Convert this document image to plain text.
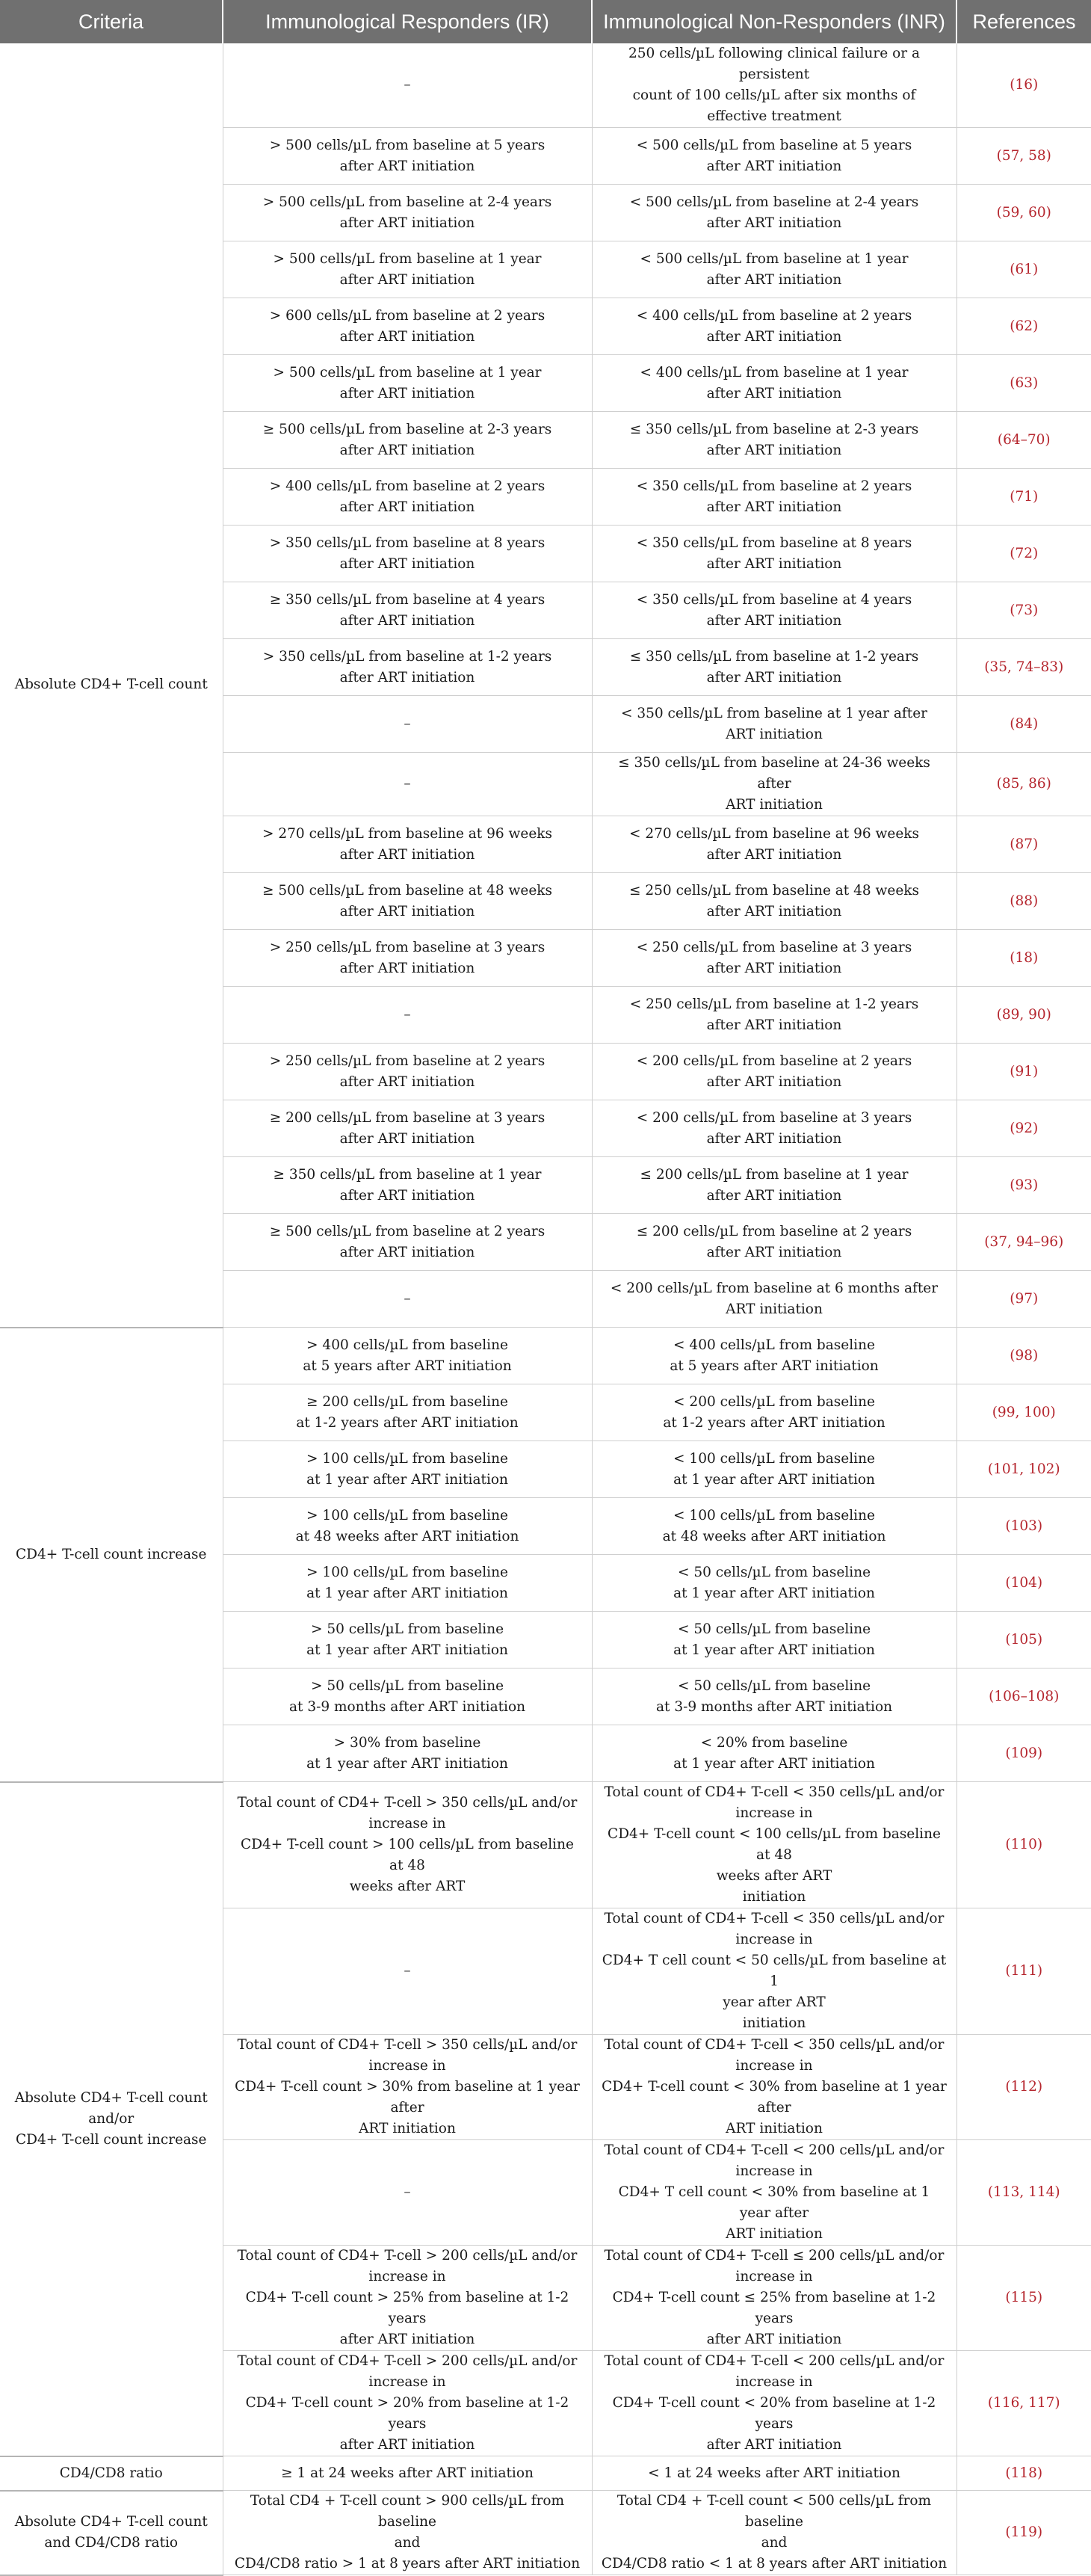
Criteria	Immunological Responders (IR)	Immunological Non-Responders (INR)	References
Absolute CD4+ T-cell count	–	250 cells/µL following clinical failure or a persistent
count of 100 cells/µL after six months of
effective treatment	(16)
	> 500 cells/µL from baseline at 5 years
after ART initiation	< 500 cells/µL from baseline at 5 years
after ART initiation	(57, 58)
	> 500 cells/µL from baseline at 2-4 years
after ART initiation	< 500 cells/µL from baseline at 2-4 years
after ART initiation	(59, 60)
	> 500 cells/µL from baseline at 1 year
after ART initiation	< 500 cells/µL from baseline at 1 year
after ART initiation	(61)
	> 600 cells/µL from baseline at 2 years
after ART initiation	< 400 cells/µL from baseline at 2 years
after ART initiation	(62)
	> 500 cells/µL from baseline at 1 year
after ART initiation	< 400 cells/µL from baseline at 1 year
after ART initiation	(63)
	≥ 500 cells/µL from baseline at 2-3 years
after ART initiation	≤ 350 cells/µL from baseline at 2-3 years
after ART initiation	(64–70)
	> 400 cells/µL from baseline at 2 years
after ART initiation	< 350 cells/µL from baseline at 2 years
after ART initiation	(71)
	> 350 cells/µL from baseline at 8 years
after ART initiation	< 350 cells/µL from baseline at 8 years
after ART initiation	(72)
	≥ 350 cells/µL from baseline at 4 years
after ART initiation	< 350 cells/µL from baseline at 4 years
after ART initiation	(73)
	> 350 cells/µL from baseline at 1-2 years
after ART initiation	≤ 350 cells/µL from baseline at 1-2 years
after ART initiation	(35, 74–83)
	–	< 350 cells/µL from baseline at 1 year after
ART initiation	(84)
	–	≤ 350 cells/µL from baseline at 24-36 weeks after
ART initiation	(85, 86)
	> 270 cells/µL from baseline at 96 weeks
after ART initiation	< 270 cells/µL from baseline at 96 weeks
after ART initiation	(87)
	≥ 500 cells/µL from baseline at 48 weeks
after ART initiation	≤ 250 cells/µL from baseline at 48 weeks
after ART initiation	(88)
	> 250 cells/µL from baseline at 3 years
after ART initiation	< 250 cells/µL from baseline at 3 years
after ART initiation	(18)
	–	< 250 cells/µL from baseline at 1-2 years
after ART initiation	(89, 90)
	> 250 cells/µL from baseline at 2 years
after ART initiation	< 200 cells/µL from baseline at 2 years
after ART initiation	(91)
	≥ 200 cells/µL from baseline at 3 years
after ART initiation	< 200 cells/µL from baseline at 3 years
after ART initiation	(92)
	≥ 350 cells/µL from baseline at 1 year
after ART initiation	≤ 200 cells/µL from baseline at 1 year
after ART initiation	(93)
	≥ 500 cells/µL from baseline at 2 years
after ART initiation	≤ 200 cells/µL from baseline at 2 years
after ART initiation	(37, 94–96)
	–	< 200 cells/µL from baseline at 6 months after
ART initiation	(97)
CD4+ T-cell count increase	> 400 cells/µL from baseline
at 5 years after ART initiation	< 400 cells/µL from baseline
at 5 years after ART initiation	(98)
	≥ 200 cells/µL from baseline
at 1-2 years after ART initiation	< 200 cells/µL from baseline
at 1-2 years after ART initiation	(99, 100)
	> 100 cells/µL from baseline
at 1 year after ART initiation	< 100 cells/µL from baseline
at 1 year after ART initiation	(101, 102)
	> 100 cells/µL from baseline
at 48 weeks after ART initiation	< 100 cells/µL from baseline
at 48 weeks after ART initiation	(103)
	> 100 cells/µL from baseline
at 1 year after ART initiation	< 50 cells/µL from baseline
at 1 year after ART initiation	(104)
	> 50 cells/µL from baseline
at 1 year after ART initiation	< 50 cells/µL from baseline
at 1 year after ART initiation	(105)
	> 50 cells/µL from baseline
at 3-9 months after ART initiation	< 50 cells/µL from baseline
at 3-9 months after ART initiation	(106–108)
	> 30% from baseline
at 1 year after ART initiation	< 20% from baseline
at 1 year after ART initiation	(109)
Absolute CD4+ T-cell count
and/or
CD4+ T-cell count increase	Total count of CD4+ T-cell > 350 cells/µL and/or
increase in
CD4+ T-cell count > 100 cells/µL from baseline at 48
weeks after ART	Total count of CD4+ T-cell < 350 cells/µL and/or
increase in
CD4+ T-cell count < 100 cells/µL from baseline at 48
weeks after ART
initiation	(110)
	–	Total count of CD4+ T-cell < 350 cells/µL and/or
increase in
CD4+ T cell count < 50 cells/µL from baseline at 1
year after ART
initiation	(111)
	Total count of CD4+ T-cell > 350 cells/µL and/or
increase in
CD4+ T-cell count > 30% from baseline at 1 year after
ART initiation	Total count of CD4+ T-cell < 350 cells/µL and/or
increase in
CD4+ T-cell count < 30% from baseline at 1 year after
ART initiation	(112)
	–	Total count of CD4+ T-cell < 200 cells/µL and/or
increase in
CD4+ T cell count < 30% from baseline at 1 year after
ART initiation	(113, 114)
	Total count of CD4+ T-cell > 200 cells/µL and/or
increase in
CD4+ T-cell count > 25% from baseline at 1-2 years
after ART initiation	Total count of CD4+ T-cell ≤ 200 cells/µL and/or
increase in
CD4+ T-cell count ≤ 25% from baseline at 1-2 years
after ART initiation	(115)
	Total count of CD4+ T-cell > 200 cells/µL and/or
increase in
CD4+ T-cell count > 20% from baseline at 1-2 years
after ART initiation	Total count of CD4+ T-cell < 200 cells/µL and/or
increase in
CD4+ T-cell count < 20% from baseline at 1-2 years
after ART initiation	(116, 117)
CD4/CD8 ratio	≥ 1 at 24 weeks after ART initiation	< 1 at 24 weeks after ART initiation	(118)
Absolute CD4+ T-cell count
and CD4/CD8 ratio	Total CD4 + T-cell count > 900 cells/µL from baseline
and
CD4/CD8 ratio > 1 at 8 years after ART initiation	Total CD4 + T-cell count < 500 cells/µL from baseline
and
CD4/CD8 ratio < 1 at 8 years after ART initiation	(119)
